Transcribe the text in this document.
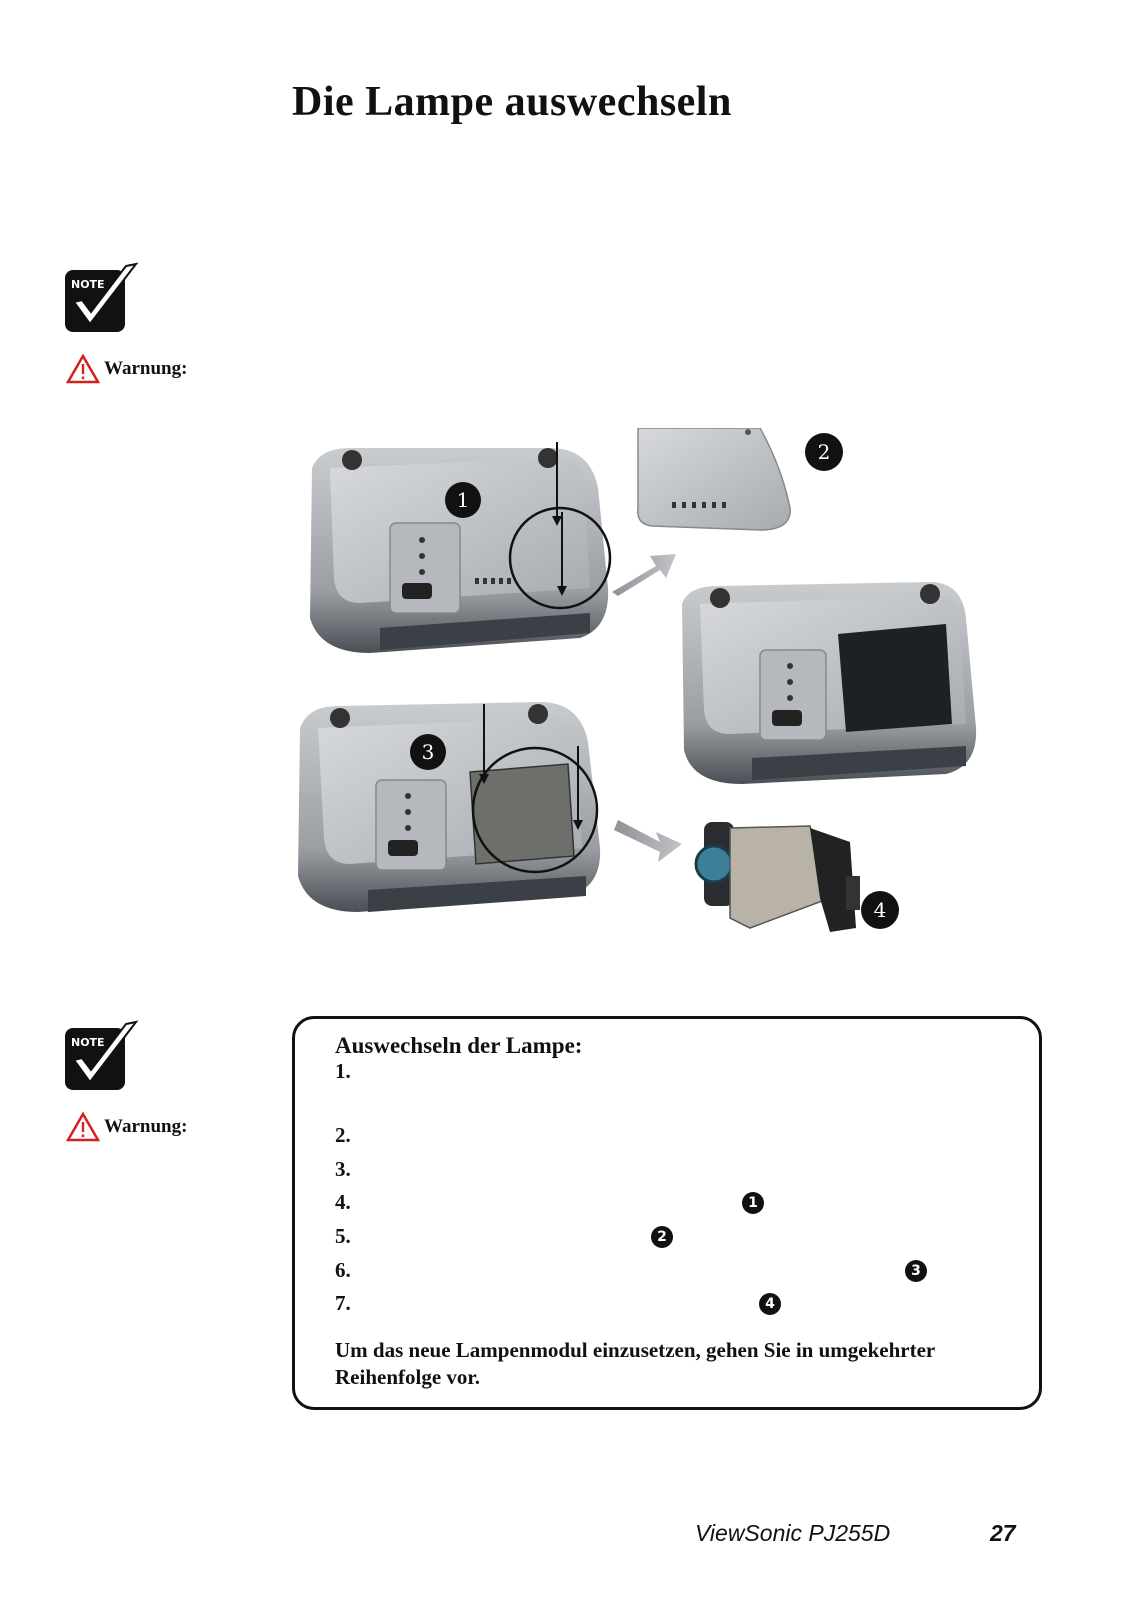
Die Lampe auswechseln
NOTE
Warnung:
1
2
3
4
NOTE
Warnung:
Auswechseln der Lampe:
1.
2.
3.
4.	1
5.	2
6.	3
7.	4

Um das neue Lampenmodul einzusetzen, gehen Sie in umgekehrter Reihenfolge vor.

ViewSonic PJ255D	27
